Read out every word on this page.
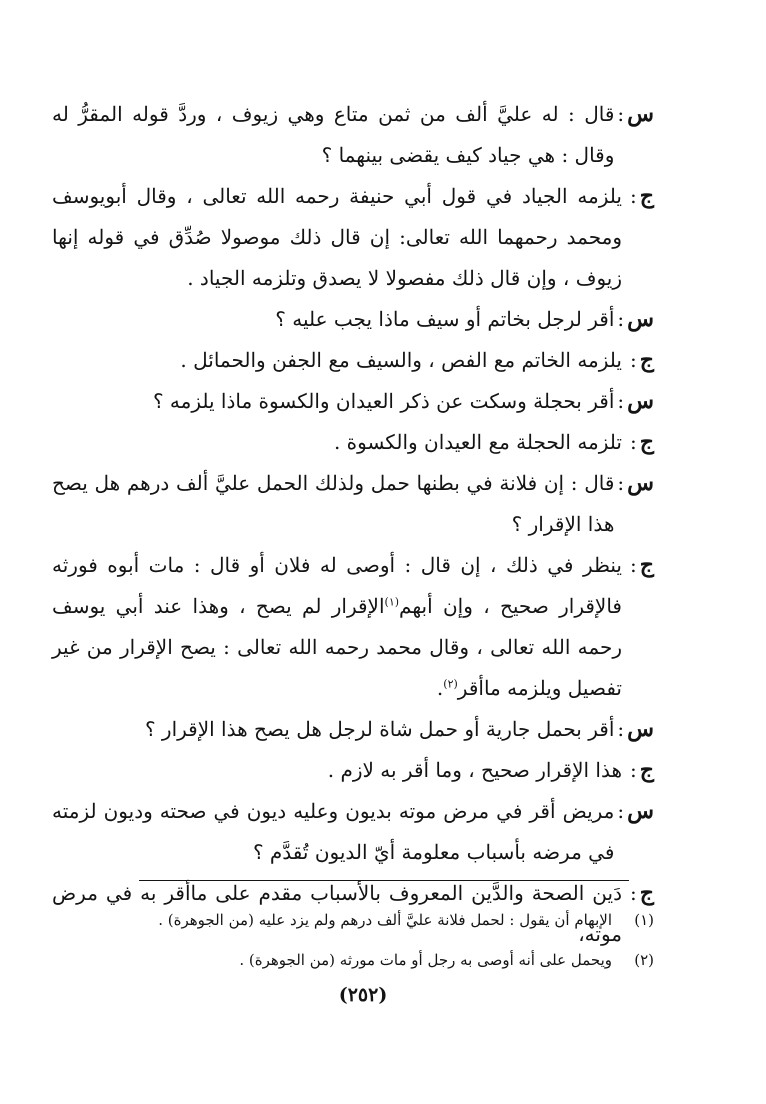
س
:
قال : له عليَّ ألف من ثمن متاع وهي زيوف ، وردَّ قوله المقرُّ له وقال : هي جياد كيف يقضى بينهما ؟
ج
:
يلزمه الجياد في قول أبي حنيفة رحمه الله تعالى ، وقال أبويوسف ومحمد رحمهما الله تعالى: إن قال ذلك موصولا صُدِّق في قوله إنها زيوف ، وإن قال ذلك مفصولا لا يصدق وتلزمه الجياد .
س
:
أقر لرجل بخاتم أو سيف ماذا يجب عليه ؟
ج
:
يلزمه الخاتم مع الفص ، والسيف مع الجفن والحمائل .
س
:
أقر بحجلة وسكت عن ذكر العيدان والكسوة ماذا يلزمه ؟
ج
:
تلزمه الحجلة مع العيدان والكسوة .
س
:
قال : إن فلانة في بطنها حمل ولذلك الحمل عليَّ ألف درهم هل يصح هذا الإقرار ؟
ج
:
ينظر في ذلك ، إن قال : أوصى له فلان أو قال : مات أبوه فورثه فالإقرار صحيح ، وإن أبهم$^{(١)}$الإقرار لم يصح ، وهذا عند أبي يوسف رحمه الله تعالى ، وقال محمد رحمه الله تعالى : يصح الإقرار من غير تفصيل ويلزمه ماأقر$^{(٢)}$.
س
:
أقر بحمل جارية أو حمل شاة لرجل هل يصح هذا الإقرار ؟
ج
:
هذا الإقرار صحيح ، وما أقر به لازم .
س
:
مريض أقر في مرض موته بديون وعليه ديون في صحته وديون لزمته في مرضه بأسباب معلومة أيّ الديون تُقدَّم ؟
ج
:
دَين الصحة والدَّين المعروف بالأسباب مقدم على ماأقر به في مرض موته،
(١)
الإبهام أن يقول : لحمل فلانة عليَّ ألف درهم ولم يزد عليه (من الجوهرة) .
(٢)
ويحمل على أنه أوصى به رجل أو مات مورثه (من الجوهرة) .
(٢٥٢)
